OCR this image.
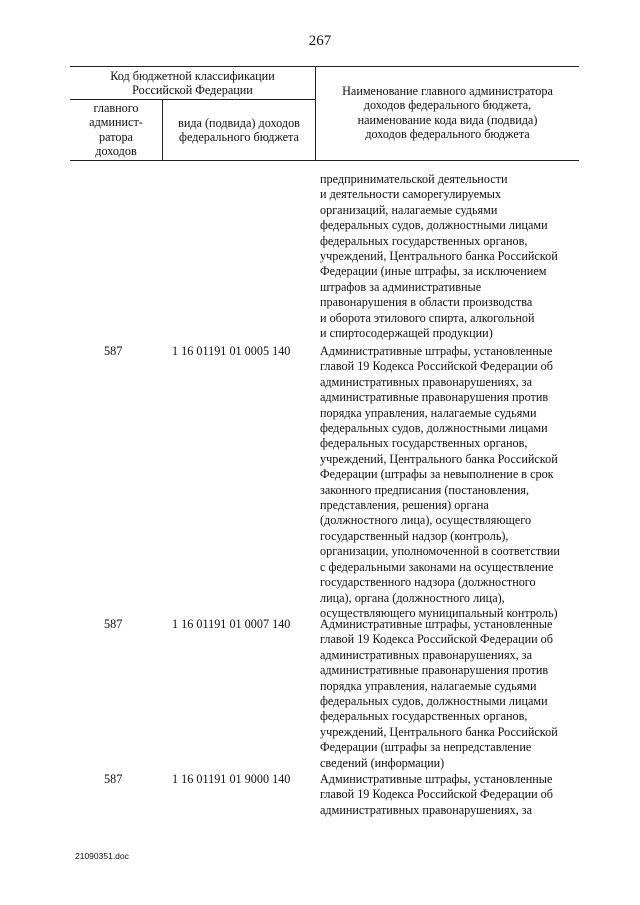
267
Код бюджетной классификации
Российской Федерации
главного
админист-
ратора
доходов
вида (подвида) доходов
федерального бюджета
Наименование главного администратора
доходов федерального бюджета,
наименование кода вида (подвида)
доходов федерального бюджета
предпринимательской деятельности
и деятельности саморегулируемых
организаций, налагаемые судьями
федеральных судов, должностными лицами
федеральных государственных органов,
учреждений, Центрального банка Российской
Федерации (иные штрафы, за исключением
штрафов за административные
правонарушения в области производства
и оборота этилового спирта, алкогольной
и спиртосодержащей продукции)
587	1 16 01191 01 0005 140 Административные штрафы, установленные
главой 19 Кодекса Российской Федерации об
административных правонарушениях, за
административные правонарушения против
порядка управления, налагаемые судьями
федеральных судов, должностными лицами
федеральных государственных органов,
учреждений, Центрального банка Российской
Федерации (штрафы за невыполнение в срок
законного предписания (постановления,
представления, решения) органа
(должностного лица), осуществляющего
государственный надзор (контроль),
организации, уполномоченной в соответствии
с федеральными законами на осуществление
государственного надзора (должностного
лица), органа (должностного лица),
осуществляющего муниципальный контроль)
587	1 16 01191 01 0007 140 Административные штрафы, установленные
главой 19 Кодекса Российской Федерации об
административных правонарушениях, за
административные правонарушения против
порядка управления, налагаемые судьями
федеральных судов, должностными лицами
федеральных государственных органов,
учреждений, Центрального банка Российской
Федерации (штрафы за непредставление
сведений (информации)
587	1 16 01191 01 9000 140 Административные штрафы, установленные
главой 19 Кодекса Российской Федерации об
административных правонарушениях, за
21090351.doc
